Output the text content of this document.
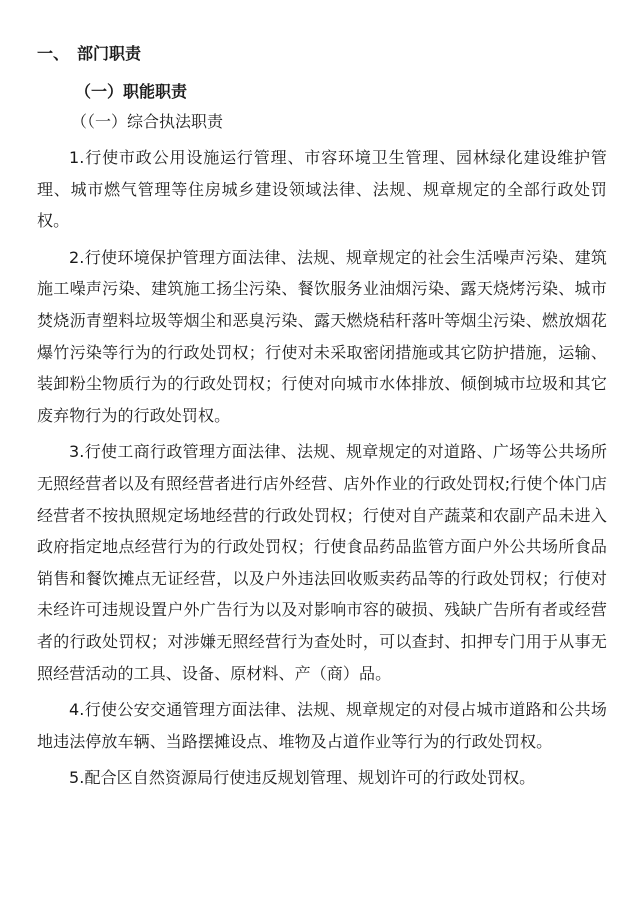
一、 部门职责
（一）职能职责
（（一）综合执法职责

1.行使市政公用设施运行管理、市容环境卫生管理、园林绿化建设维护管理、城市燃气管理等住房城乡建设领域法律、法规、规章规定的全部行政处罚权。

2.行使环境保护管理方面法律、法规、规章规定的社会生活噪声污染、建筑施工噪声污染、建筑施工扬尘污染、餐饮服务业油烟污染、露天烧烤污染、城市焚烧沥青塑料垃圾等烟尘和恶臭污染、露天燃烧秸秆落叶等烟尘污染、燃放烟花爆竹污染等行为的行政处罚权；行使对未采取密闭措施或其它防护措施，运输、装卸粉尘物质行为的行政处罚权；行使对向城市水体排放、倾倒城市垃圾和其它废弃物行为的行政处罚权。

3.行使工商行政管理方面法律、法规、规章规定的对道路、广场等公共场所无照经营者以及有照经营者进行店外经营、店外作业的行政处罚权;行使个体门店经营者不按执照规定场地经营的行政处罚权；行使对自产蔬菜和农副产品未进入政府指定地点经营行为的行政处罚权；行使食品药品监管方面户外公共场所食品销售和餐饮摊点无证经营，以及户外违法回收贩卖药品等的行政处罚权；行使对未经许可违规设置户外广告行为以及对影响市容的破损、残缺广告所有者或经营者的行政处罚权；对涉嫌无照经营行为查处时，可以查封、扣押专门用于从事无照经营活动的工具、设备、原材料、产（商）品。

4.行使公安交通管理方面法律、法规、规章规定的对侵占城市道路和公共场地违法停放车辆、当路摆摊设点、堆物及占道作业等行为的行政处罚权。

5.配合区自然资源局行使违反规划管理、规划许可的行政处罚权。
